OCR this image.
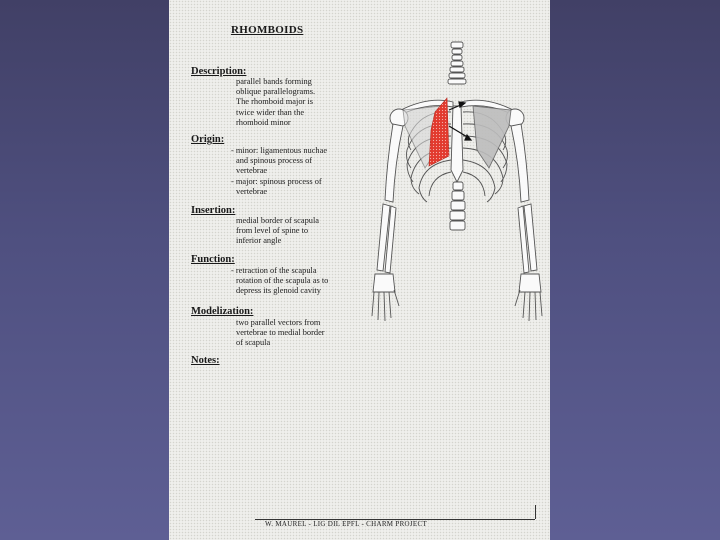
RHOMBOIDS
Description:
parallel bands forming
oblique parallelograms.
The rhomboid major is
twice wider than the
rhomboid minor
Origin:
- minor: ligamentous nuchae
and spinous process of
vertebrae
- major: spinous process of
vertebrae
Insertion:
medial border of scapula
from level of spine to
inferior angle
Function:
- retraction of the scapula
rotation of the scapula as to
depress its glenoid cavity
Modelization:
two parallel vectors from
vertebrae to medial border
of scapula
Notes:
W. MAUREL - LIG DIL EPFL - CHARM PROJECT
